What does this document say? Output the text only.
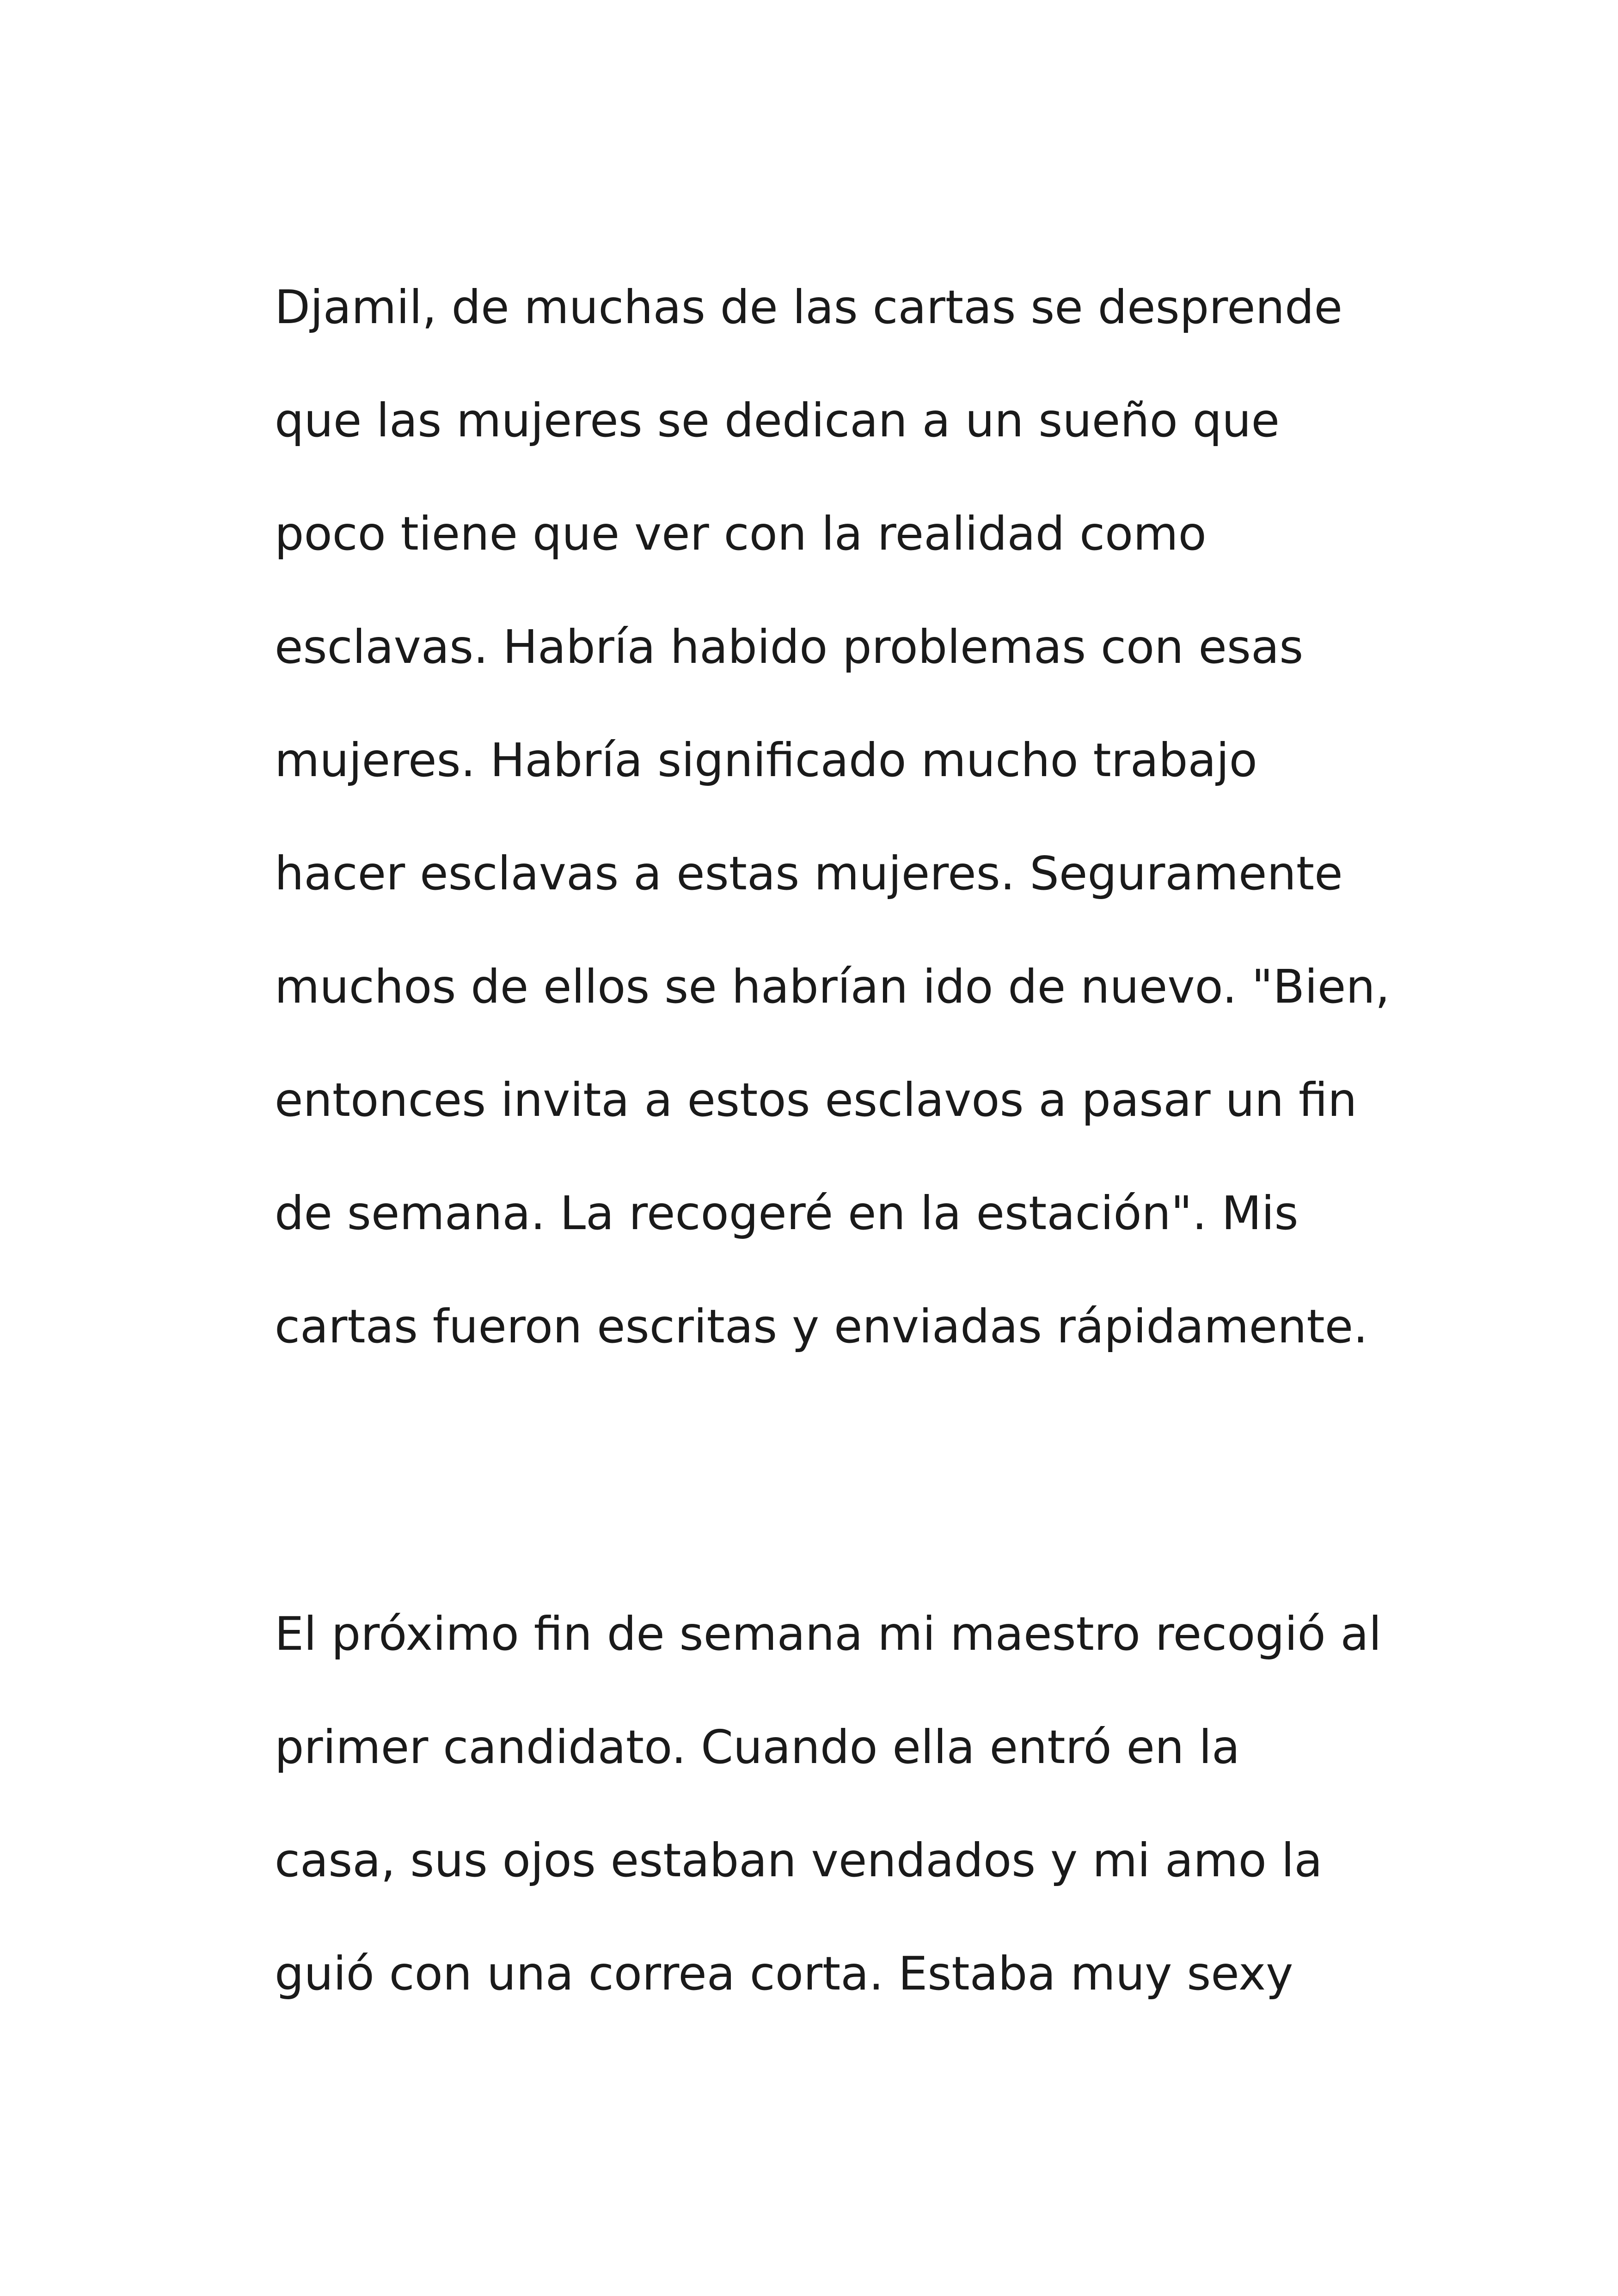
Djamil, de muchas de las cartas se desprende

que las mujeres se dedican a un sueño que

poco tiene que ver con la realidad como

esclavas. Habría habido problemas con esas

mujeres. Habría significado mucho trabajo

hacer esclavas a estas mujeres. Seguramente

muchos de ellos se habrían ido de nuevo. "Bien,

entonces invita a estos esclavos a pasar un fin

de semana. La recogeré en la estación". Mis

cartas fueron escritas y enviadas rápidamente.

El próximo fin de semana mi maestro recogió al

primer candidato. Cuando ella entró en la

casa, sus ojos estaban vendados y mi amo la

guió con una correa corta. Estaba muy sexy
